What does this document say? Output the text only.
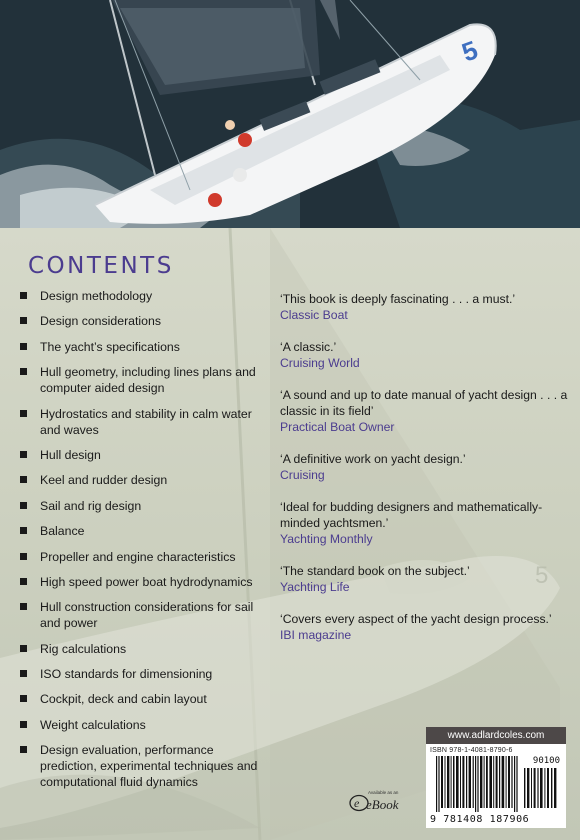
5
5
CONTENTS
Design methodology
Design considerations
The yacht’s specifications
Hull geometry, including lines plans and computer aided design
Hydrostatics and stability in calm water and waves
Hull design
Keel and rudder design
Sail and rig design
Balance
Propeller and engine characteristics
High speed power boat hydrodynamics
Hull construction considerations for sail and power
Rig calculations
ISO standards for dimensioning
Cockpit, deck and cabin layout
Weight calculations
Design evaluation, performance prediction, experimental techniques and computational fluid dynamics
‘This book is deeply fascinating . . . a must.’
Classic Boat
‘A classic.’
Cruising World
‘A sound and up to date manual of yacht design . . . a classic in its field’
Practical Boat Owner
‘A definitive work on yacht design.’
Cruising
‘Ideal for budding designers and mathematically-minded yachtsmen.’
Yachting Monthly
‘The standard book on the subject.’
Yachting Life
‘Covers every aspect of the yacht design process.’
IBI magazine
www.adlardcoles.com
ISBN 978-1-4081-8790-6
90100
9 781408 187906
e
Available as an
eBook
